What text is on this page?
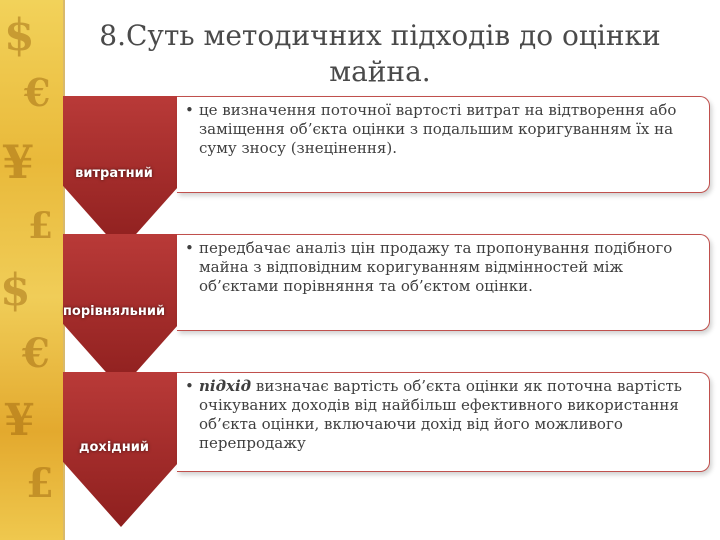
$
€
¥
£
$
€
¥
£
8.Суть методичних підходів до оцінки
майна.
витратний
• це визначення поточної вартості витрат на відтворення або заміщення об’єкта оцінки з подальшим коригуванням їх на суму зносу (знецінення).
порівняльний
• передбачає аналіз цін продажу та пропонування подібного майна з відповідним коригуванням відмінностей між об’єктами порівняння та об’єктом оцінки.
дохідний
• підхід визначає вартість об’єкта оцінки як поточна вартість очікуваних доходів від найбільш ефективного використання об’єкта оцінки, включаючи дохід від його можливого перепродажу
